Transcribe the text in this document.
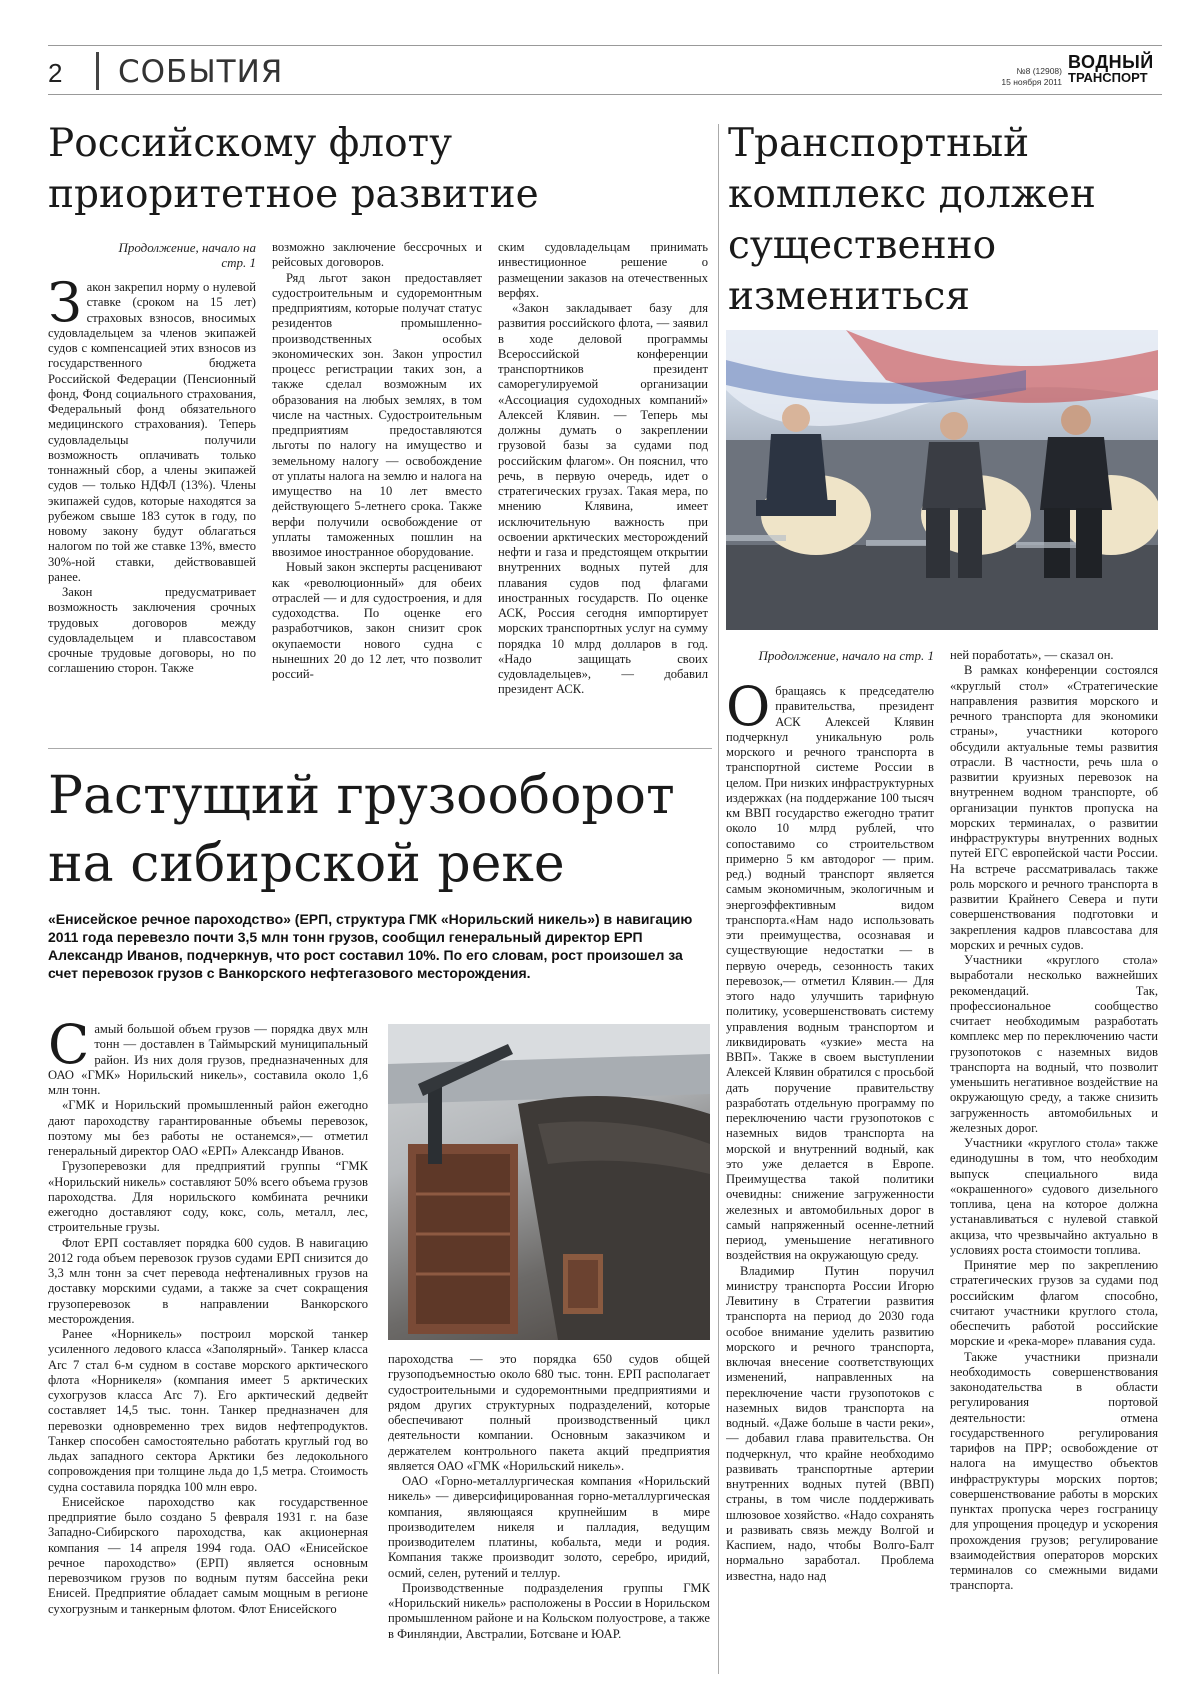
2 СОБЫТИЯ	№8 (12908)
15 ноября 2011
ВОДНЫЙ
ТРАНСПОРТ
Российскому флоту приоритетное развитие
Продолжение, начало на стр. 1

Закон закрепил норму о нулевой ставке (сроком на 15 лет) страховых взносов, вносимых судовладельцем за членов экипажей судов с компенсацией этих взносов из государственного бюджета Российской Федерации (Пенсионный фонд, Фонд социального страхования, Федеральный фонд обязательного медицинского страхования). Теперь судовладельцы получили возможность оплачивать только тоннажный сбор, а члены экипажей судов — только НДФЛ (13%). Члены экипажей судов, которые находятся за рубежом свыше 183 суток в году, по новому закону будут облагаться налогом по той же ставке 13%, вместо 30%-ной ставки, действовавшей ранее.

Закон предусматривает возможность заключения срочных трудовых договоров между судовладельцем и плавсоставом срочные трудовые договоры, но по соглашению сторон. Также

возможно заключение бессрочных и рейсовых договоров.

Ряд льгот закон предоставляет судостроительным и судоремонтным предприятиям, которые получат статус резидентов промышленно-производственных особых экономических зон. Закон упростил процесс регистрации таких зон, а также сделал возможным их образования на любых землях, в том числе на частных. Судостроительным предприятиям предоставляются льготы по налогу на имущество и земельному налогу — освобождение от уплаты налога на землю и налога на имущество на 10 лет вместо действующего 5-летнего срока. Также верфи получили освобождение от уплаты таможенных пошлин на ввозимое иностранное оборудование.

Новый закон эксперты расценивают как «революционный» для обеих отраслей — и для судостроения, и для судоходства. По оценке его разработчиков, закон снизит срок окупаемости нового судна с нынешних 20 до 12 лет, что позволит россий-

ским судовладельцам принимать инвестиционное решение о размещении заказов на отечественных верфях.

«Закон закладывает базу для развития российского флота, — заявил в ходе деловой программы Всероссийской конференции транспортников президент саморегулируемой организации «Ассоциация судоходных компаний» Алексей Клявин. — Теперь мы должны думать о закреплении грузовой базы за судами под российским флагом». Он пояснил, что речь, в первую очередь, идет о стратегических грузах. Такая мера, по мнению Клявина, имеет исключительную важность при освоении арктических месторождений нефти и газа и предстоящем открытии внутренних водных путей для плавания судов под флагами иностранных государств. По оценке АСК, Россия сегодня импортирует морских транспортных услуг на сумму порядка 10 млрд долларов в год. «Надо защищать своих судовладельцев», — добавил президент АСК.

Транспортный комплекс должен существенно измениться
Продолжение, начало на стр. 1

Обращаясь к председателю правительства, президент АСК Алексей Клявин подчеркнул уникальную роль морского и речного транспорта в транспортной системе России в целом. При низких инфраструктурных издержках (на поддержание 100 тысяч км ВВП государство ежегодно тратит около 10 млрд рублей, что сопоставимо со строительством примерно 5 км автодорог — прим. ред.) водный транспорт является самым экономичным, экологичным и энергоэффективным видом транспорта.«Нам надо использовать эти преимущества, осознавая и существующие недостатки — в первую очередь, сезонность таких перевозок,— отметил Клявин.— Для этого надо улучшить тарифную политику, усовершенствовать систему управления водным транспортом и ликвидировать «узкие» места на ВВП». Также в своем выступлении Алексей Клявин обратился с просьбой дать поручение правительству разработать отдельную программу по переключению части грузопотоков с наземных видов транспорта на морской и внутренний водный, как это уже делается в Европе. Преимущества такой политики очевидны: снижение загруженности железных и автомобильных дорог в самый напряженный осенне-летний период, уменьшение негативного воздействия на окружающую среду.

Владимир Путин поручил министру транспорта России Игорю Левитину в Стратегии развития транспорта на период до 2030 года особое внимание уделить развитию морского и речного транспорта, включая внесение соответствующих изменений, направленных на переключение части грузопотоков с наземных видов транспорта на водный. «Даже больше в части реки», — добавил глава правительства. Он подчеркнул, что крайне необходимо развивать транспортные артерии внутренних водных путей (ВВП) страны, в том числе поддерживать шлюзовое хозяйство. «Надо сохранять и развивать связь между Волгой и Каспием, надо, чтобы Волго-Балт нормально заработал. Проблема известна, надо над

ней поработать», — сказал он.

В рамках конференции состоялся «круглый стол» «Стратегические направления развития морского и речного транспорта для экономики страны», участники которого обсудили актуальные темы развития отрасли. В частности, речь шла о развитии круизных перевозок на внутреннем водном транспорте, об организации пунктов пропуска на морских терминалах, о развитии инфраструктуры внутренних водных путей ЕГС европейской части России. На встрече рассматривалась также роль морского и речного транспорта в развитии Крайнего Севера и пути совершенствования подготовки и закрепления кадров плавсостава для морских и речных судов.

Участники «круглого стола» выработали несколько важнейших рекомендаций. Так, профессиональное сообщество считает необходимым разработать комплекс мер по переключению части грузопотоков с наземных видов транспорта на водный, что позволит уменьшить негативное воздействие на окружающую среду, а также снизить загруженность автомобильных и железных дорог.

Участники «круглого стола» также единодушны в том, что необходим выпуск специального вида «окрашенного» судового дизельного топлива, цена на которое должна устанавливаться с нулевой ставкой акциза, что чрезвычайно актуально в условиях роста стоимости топлива.

Принятие мер по закреплению стратегических грузов за судами под российским флагом способно, считают участники круглого стола, обеспечить работой российские морские и «река-море» плавания суда.

Также участники признали необходимость совершенствования законодательства в области регулирования портовой деятельности: отмена государственного регулирования тарифов на ПРР; освобождение от налога на имущество объектов инфраструктуры морских портов; совершенствование работы в морских пунктах пропуска через госграницу для упрощения процедур и ускорения прохождения грузов; регулирование взаимодействия операторов морских терминалов со смежными видами транспорта.

Растущий грузооборот на сибирской реке
«Енисейское речное пароходство» (ЕРП, структура ГМК «Норильский никель») в навигацию 2011 года перевезло почти 3,5 млн тонн грузов, сообщил генеральный директор ЕРП Александр Иванов, подчеркнув, что рост составил 10%. По его словам, рост произошел за счет перевозок грузов с Ванкорского нефтегазового месторождения.

Самый большой объем грузов — порядка двух млн тонн — доставлен в Таймырский муниципальный район. Из них доля грузов, предназначенных для ОАО «ГМК» Норильский никель», составила около 1,6 млн тонн.

«ГМК и Норильский промышленный район ежегодно дают пароходству гарантированные объемы перевозок, поэтому мы без работы не останемся»,— отметил генеральный директор ОАО «ЕРП» Александр Иванов.

Грузоперевозки для предприятий группы “ГМК «Норильский никель» составляют 50% всего объема грузов пароходства. Для норильского комбината речники ежегодно доставляют соду, кокс, соль, металл, лес, строительные грузы.

Флот ЕРП составляет порядка 600 судов. В навигацию 2012 года объем перевозок грузов судами ЕРП снизится до 3,3 млн тонн за счет перевода нефтеналивных грузов на доставку морскими судами, а также за счет сокращения грузоперевозок в направлении Ванкорского месторождения.

Ранее «Норникель» построил морской танкер усиленного ледового класса «Заполярный». Танкер класса Arc 7 стал 6-м судном в составе морского арктического флота «Норникеля» (компания имеет 5 арктических сухогрузов класса Arc 7). Его арктический дедвейт составляет 14,5 тыс. тонн. Танкер предназначен для перевозки одновременно трех видов нефтепродуктов. Танкер способен самостоятельно работать круглый год во льдах западного сектора Арктики без ледокольного сопровождения при толщине льда до 1,5 метра. Стоимость судна составила порядка 100 млн евро.

Енисейское пароходство как государственное предприятие было создано 5 февраля 1931 г. на базе Западно-Сибирского пароходства, как акционерная компания — 14 апреля 1994 года. ОАО «Енисейское речное пароходство» (ЕРП) является основным перевозчиком грузов по водным путям бассейна реки Енисей. Предприятие обладает самым мощным в регионе сухогрузным и танкерным флотом. Флот Енисейского

пароходства — это порядка 650 судов общей грузоподъемностью около 680 тыс. тонн. ЕРП располагает судостроительными и судоремонтными предприятиями и рядом других структурных подразделений, которые обеспечивают полный производственный цикл деятельности компании. Основным заказчиком и держателем контрольного пакета акций предприятия является ОАО «ГМК «Норильский никель».

ОАО «Горно-металлургическая компания «Норильский никель» — диверсифицированная горно-металлургическая компания, являющаяся крупнейшим в мире производителем никеля и палладия, ведущим производителем платины, кобальта, меди и родия. Компания также производит золото, серебро, иридий, осмий, селен, рутений и теллур.

Производственные подразделения группы ГМК «Норильский никель» расположены в России в Норильском промышленном районе и на Кольском полуострове, а также в Финляндии, Австралии, Ботсване и ЮАР.
